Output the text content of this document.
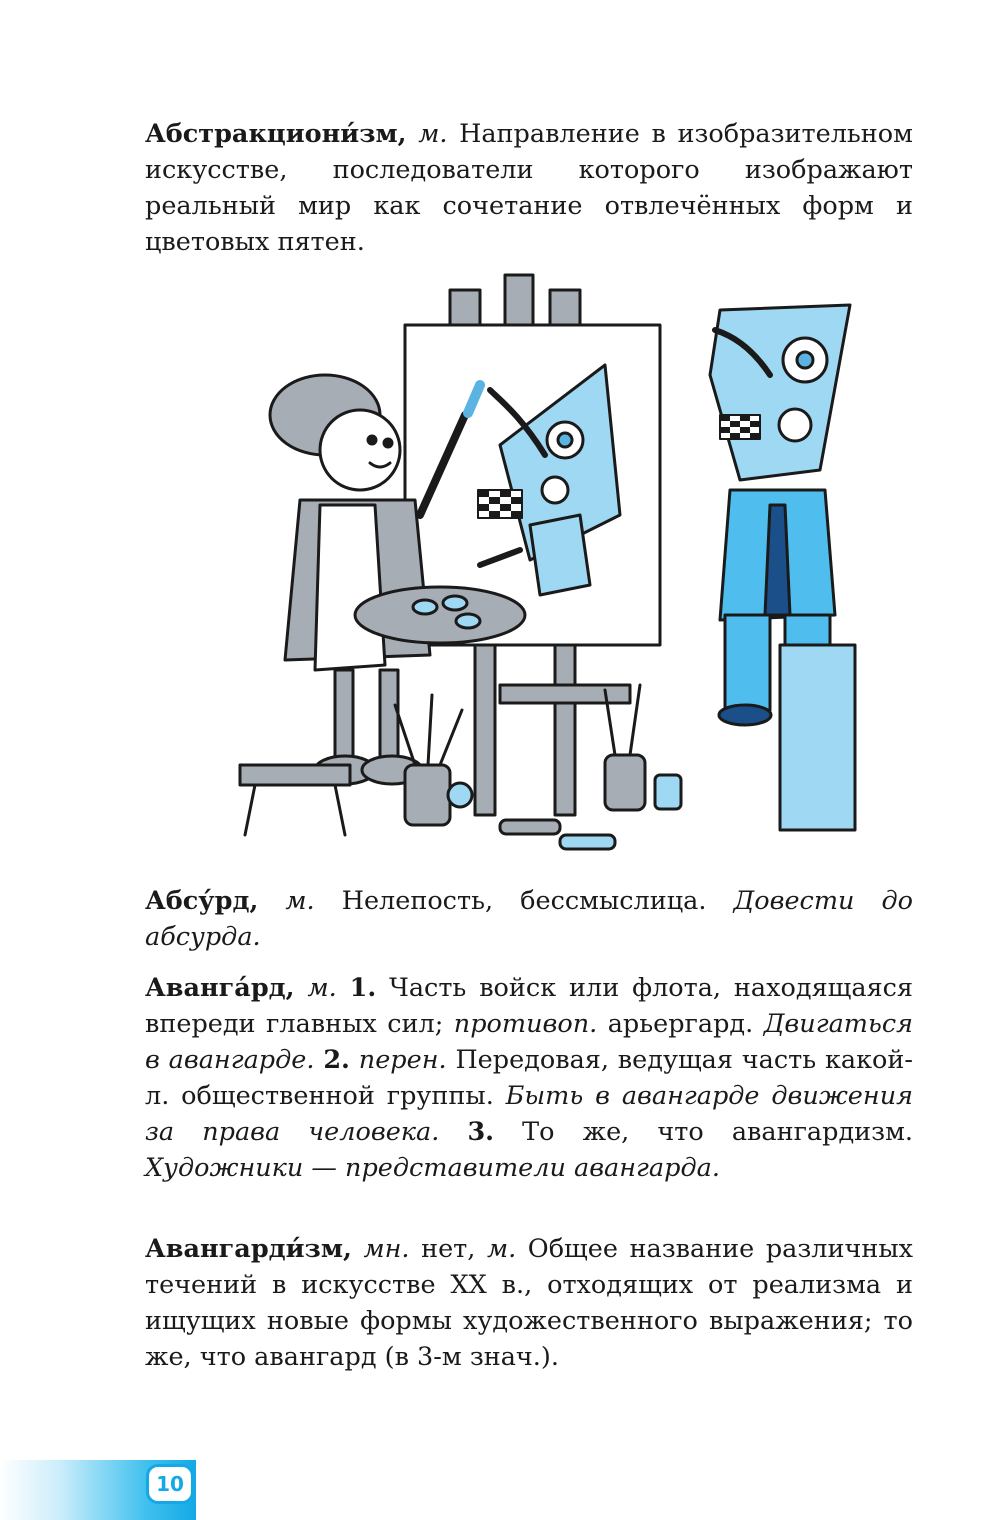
Абстракциони́зм, м. Направление в изобразительном искусстве, последователи которого изображают реальный мир как сочетание отвлечённых форм и цветовых пятен.

Абсу́рд, м. Нелепость, бессмыслица. Довести до абсурда.

Аванга́рд, м. 1. Часть войск или флота, находящаяся впереди главных сил; противоп. арьергард. Двигаться в авангарде. 2. перен. Передовая, ведущая часть какой-л. общественной группы. Быть в авангарде движения за права человека. 3. То же, что авангардизм. Художники — представители авангарда.

Авангарди́зм, мн. нет, м. Общее название различных течений в искусстве XX в., отходящих от реализма и ищущих новые формы художественного выражения; то же, что авангард (в 3-м знач.).

10
